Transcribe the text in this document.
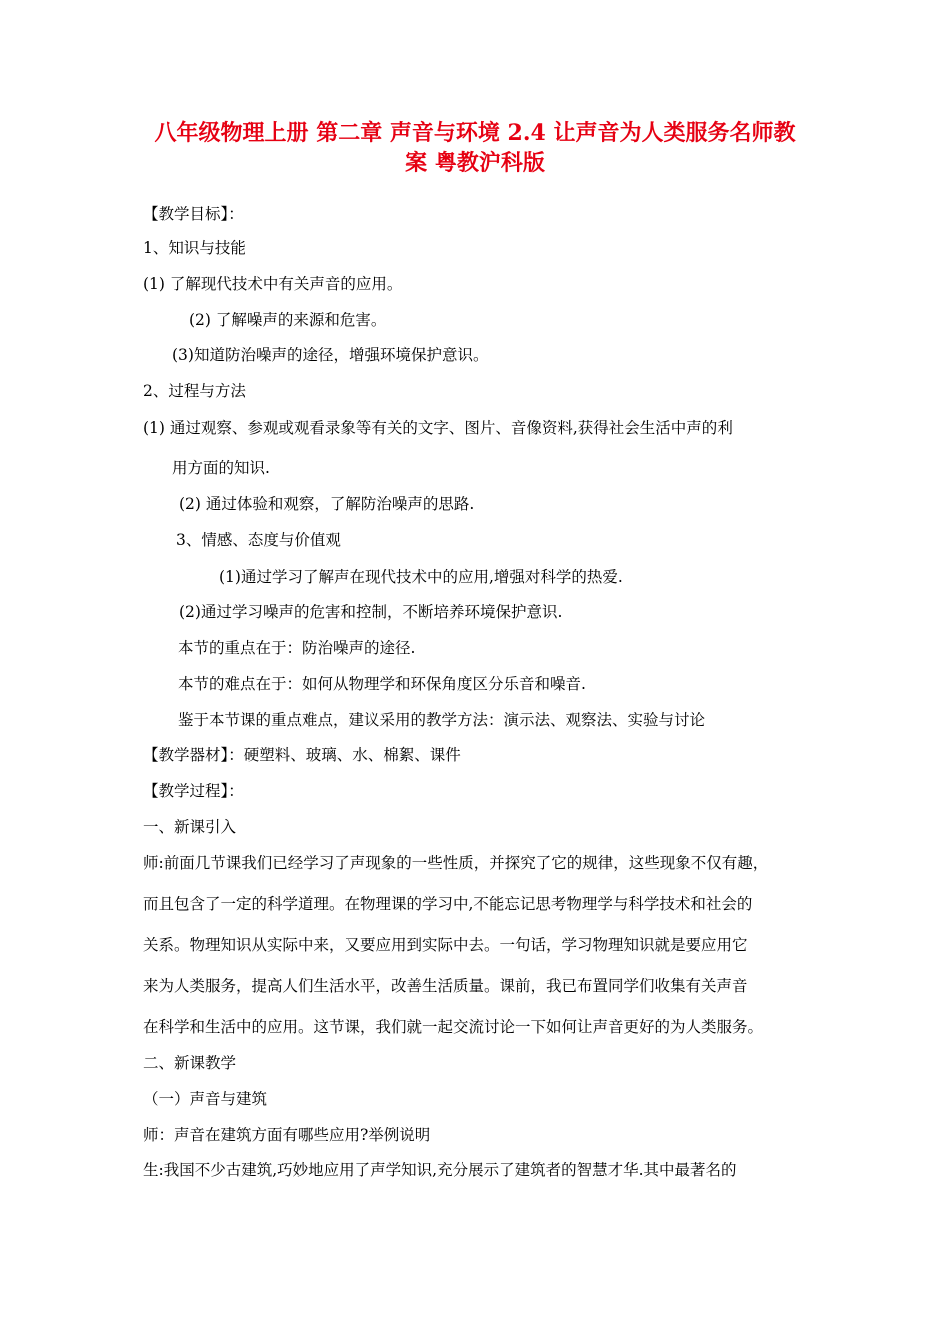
八年级物理上册 第二章 声音与环境 2.4 让声音为人类服务名师教
案 粤教沪科版

【教学目标】：

1、知识与技能

(1) 了解现代技术中有关声音的应用。

(2) 了解噪声的来源和危害。

(3)知道防治噪声的途径，增强环境保护意识。

2、过程与方法

(1) 通过观察、参观或观看录象等有关的文字、图片、音像资料,获得社会生活中声的利

用方面的知识.

(2) 通过体验和观察，了解防治噪声的思路.

3、情感、态度与价值观

(1)通过学习了解声在现代技术中的应用,增强对科学的热爱.

(2)通过学习噪声的危害和控制，不断培养环境保护意识.

本节的重点在于：防治噪声的途径.

本节的难点在于：如何从物理学和环保角度区分乐音和噪音.

鉴于本节课的重点难点，建议采用的教学方法：演示法、观察法、实验与讨论

【教学器材】：硬塑料、玻璃、水、棉絮、课件

【教学过程】：

一、新课引入

师:前面几节课我们已经学习了声现象的一些性质，并探究了它的规律，这些现象不仅有趣，

而且包含了一定的科学道理。在物理课的学习中,不能忘记思考物理学与科学技术和社会的

关系。物理知识从实际中来，又要应用到实际中去。一句话，学习物理知识就是要应用它

来为人类服务，提高人们生活水平，改善生活质量。课前，我已布置同学们收集有关声音

在科学和生活中的应用。这节课，我们就一起交流讨论一下如何让声音更好的为人类服务。

二、新课教学

（一）声音与建筑

师：声音在建筑方面有哪些应用?举例说明

生:我国不少古建筑,巧妙地应用了声学知识,充分展示了建筑者的智慧才华.其中最著名的
